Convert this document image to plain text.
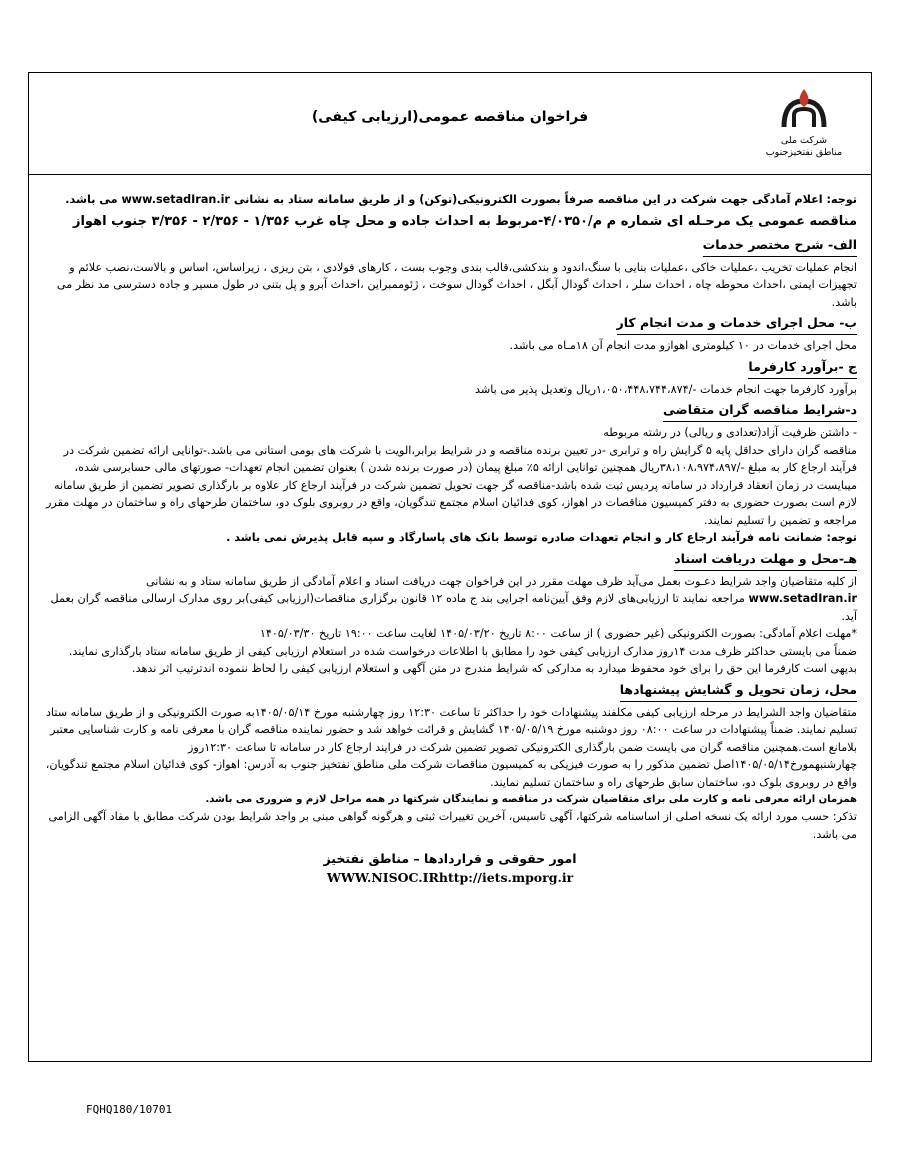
شرکت ملی
مناطق نفتخیزجنوب
فراخوان مناقصه عمومی(ارزیابی کیفی)

توجه: اعلام آمادگی جهت شرکت در این مناقصه صرفاً بصورت الکترونیکی(توکن) و از طریق سامانه ستاد به نشانی www.setadIran.ir می باشد.

مناقصه عمومی یک مرحـله ای شماره م م/۴/۰۳۵۰-مربوط به احداث جاده و محل چاه غرب ۱/۳۵۶ - ۲/۳۵۶ - ۳/۳۵۶ جنوب اهواز

الف- شرح مختصر خدمات

انجام عملیات تخریب ،عملیات خاکی ،عملیات بنایی با سنگ،اندود و بندکشی،قالب بندی وجوب بست ، کارهای فولادی ، بتن ریزی ، زیراساس، اساس و بالاست،نصب علائم و تجهیزات ایمنی ،احداث محوطه چاه ، احداث سلر ، احداث گودال آبگل ، احداث گودال سوخت ، ژئوممبراین ،احداث آبرو و پل بتنی در طول مسیر و جاده دسترسی مد نظر می باشد.

ب- محل اجرای خدمات و مدت انجام کار

محل اجرای خدمات در ۱۰ کیلومتری اهوازو مدت انجام آن ۱۸مـاه می باشد.

ج -برآورد کارفرما

برآورد کارفرما جهت انجام خدمات -/۱،۰۵۰،۴۴۸،۷۴۴،۸۷۴ریال وتعدیل پذیر می باشد

د-شرایط مناقصه گران متقاضی

- داشتن ظرفیت آزاد(تعدادی و ریالی) در رشته مربوطه

مناقصه گران دارای حداقل پایه ۵ گرایش راه و ترابری -در تعیین برنده مناقصه و در شرایط برابر،الویت با شرکت های بومی استانی می باشد.-توانایی ارائه تضمین شرکت در فرآیند ارجاع کار به مبلغ -/۳۸،۱۰۸،۹۷۴،۸۹۷ریال همچنین توانایی ارائه ۵٪ مبلغ پیمان (در صورت برنده شدن ) بعنوان تضمین انجام تعهدات- صورتهای مالی حسابرسی شده، میبایست در زمان انعقاد قرارداد در سامانه پردیس ثبت شده باشد-مناقصه گر جهت تحویل تضمین شرکت در فرآیند ارجاع کار علاوه بر بارگذاری تصویر تضمین از طریق سامانه لازم است بصورت حضوری به دفتر کمیسیون مناقصات در اهواز، کوی فدائیان اسلام مجتمع تندگویان، واقع در روبروی بلوک دو، ساختمان طرحهای راه و ساختمان در مهلت مقرر مراجعه و تضمین را تسلیم نمایند.

توجه: ضمانت نامه فرآیند ارجاع کار و انجام تعهدات صادره توسط بانک های پاسارگاد و سپه قابل پذیرش نمی باشد .

هـ-محل و مهلت دریافت اسناد

از کلیه متقاضیان واجد شرایط دعـوت بعمل می‌آید ظرف مهلت مقرر در این فراخوان جهت دریافت اسناد و اعلام آمادگی از طریق سامانه ستاد و به نشانی www.setadIran.ir مراجعه نمایند تا ارزیابی‌های لازم وفق آیین‌نامه اجرایی بند ج ماده ۱۲ قانون برگزاری مناقصات(ارزیابی کیفی)بر روی مدارک ارسالی مناقصه گران بعمل آید.

*مهلت اعلام آمادگی: بصورت الکترونیکی (غیر حضوری ) از ساعت ۸:۰۰ تاریخ ۱۴۰۵/۰۳/۲۰ لغایت ساعت ۱۹:۰۰ تاریخ ۱۴۰۵/۰۳/۳۰

ضمناً می بایستی حداکثر ظرف مدت ۱۴روز مدارک ارزیابی کیفی خود را مطابق با اطلاعات درخواست شده در استعلام ارزیابی کیفی از طریق سامانه ستاد بارگذاری نمایند. بدیهی است کارفرما این حق را برای خود محفوظ میدارد به مدارکی که شرایط مندرج در متن آگهی و استعلام ارزیابی کیفی را لحاظ ننموده اندترتیب اثر ندهد.

محل، زمان تحویل و گشایش پیشنهادها

متقاضیان واجد الشرایط در مرحله ارزیابی کیفی مکلفند پیشنهادات خود را حداکثر تا ساعت ۱۲:۳۰ روز چهارشنبه مورخ ۱۴۰۵/۰۵/۱۴به صورت الکترونیکی و از طریق سامانه ستاد تسلیم نمایند. ضمناً پیشنهادات در ساعت ۰۸:۰۰ روز دوشنبه مورخ ۱۴۰۵/۰۵/۱۹ گشایش و قرائت خواهد شد و حضور نماینده مناقصه گران با معرفی نامه و کارت شناسایی معتبر بلامانع است.همچنین مناقصه گران می بایست ضمن بارگذاری الکترونیکی تصویر تضمین شرکت در فرایند ارجاع کار در سامانه تا ساعت ۱۲:۳۰روز چهارشنبهمورخ۱۴۰۵/۰۵/۱۴اصل تضمین مذکور را به صورت فیزیکی به کمیسیون مناقصات شرکت ملی مناطق نفتخیز جنوب به آدرس: اهواز- کوی فدائیان اسلام مجتمع تندگویان، واقع در روبروی بلوک دو، ساختمان سابق طرحهای راه و ساختمان تسلیم نمایند.

همزمان ارائه معرفی نامه و کارت ملی برای متقاضیان شرکت در مناقصه و نمایندگان شرکتها در همه مراحل لازم و ضروری می باشد.

تذکر: حسب مورد ارائه یک نسخه اصلی از اساسنامه شرکتها، آگهی تاسیس، آخرین تغییرات ثبتی و هرگونه گواهی مبنی بر واجد شرایط بودن شرکت مطابق با مفاد آگهی الزامی می باشد.

امور حقوقی و قراردادها – مناطق نفتخیز
WWW.NISOC.IRhttp://iets.mporg.ir
FQHQ180/10701
